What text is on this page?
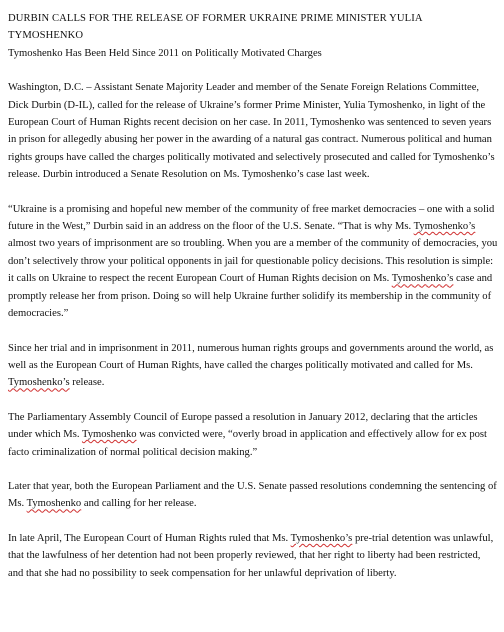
DURBIN CALLS FOR THE RELEASE OF FORMER UKRAINE PRIME MINISTER YULIA TYMOSHENKO
Tymoshenko Has Been Held Since 2011 on Politically Motivated Charges

Washington, D.C. – Assistant Senate Majority Leader and member of the Senate Foreign Relations Committee, Dick Durbin (D-IL), called for the release of Ukraine’s former Prime Minister, Yulia Tymoshenko, in light of the European Court of Human Rights recent decision on her case. In 2011, Tymoshenko was sentenced to seven years in prison for allegedly abusing her power in the awarding of a natural gas contract. Numerous political and human rights groups have called the charges politically motivated and selectively prosecuted and called for Tymoshenko’s release. Durbin introduced a Senate Resolution on Ms. Tymoshenko’s case last week.

“Ukraine is a promising and hopeful new member of the community of free market democracies – one with a solid future in the West,” Durbin said in an address on the floor of the U.S. Senate. “That is why Ms. Tymoshenko’s almost two years of imprisonment are so troubling. When you are a member of the community of democracies, you don’t selectively throw your political opponents in jail for questionable policy decisions. This resolution is simple: it calls on Ukraine to respect the recent European Court of Human Rights decision on Ms. Tymoshenko’s case and promptly release her from prison. Doing so will help Ukraine further solidify its membership in the community of democracies.”

Since her trial and in imprisonment in 2011, numerous human rights groups and governments around the world, as well as the European Court of Human Rights, have called the charges politically motivated and called for Ms. Tymoshenko’s release.

The Parliamentary Assembly Council of Europe passed a resolution in January 2012, declaring that the articles under which Ms. Tymoshenko was convicted were, “overly broad in application and effectively allow for ex post facto criminalization of normal political decision making.”

Later that year, both the European Parliament and the U.S. Senate passed resolutions condemning the sentencing of Ms. Tymoshenko and calling for her release.

In late April, The European Court of Human Rights ruled that Ms. Tymoshenko’s pre-trial detention was unlawful, that the lawfulness of her detention had not been properly reviewed, that her right to liberty had been restricted, and that she had no possibility to seek compensation for her unlawful deprivation of liberty.
